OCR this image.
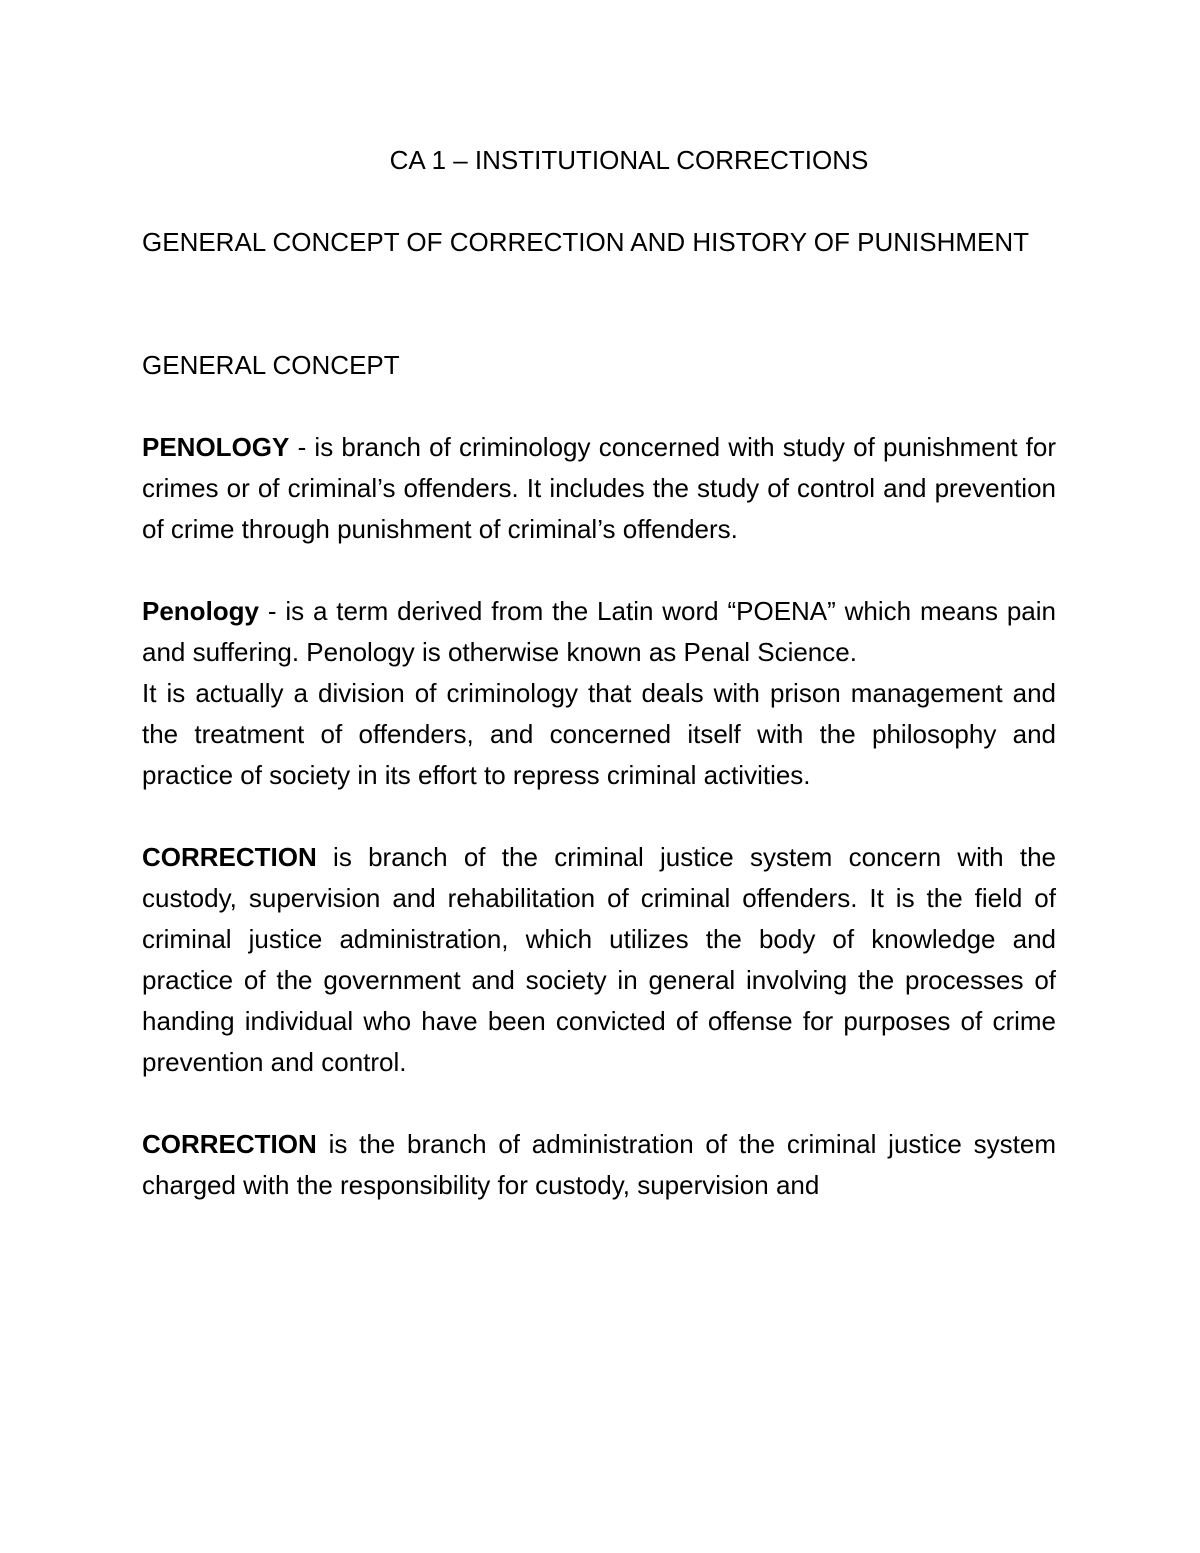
CA 1 – INSTITUTIONAL CORRECTIONS

GENERAL CONCEPT OF CORRECTION AND HISTORY OF PUNISHMENT

GENERAL CONCEPT

PENOLOGY - is branch of criminology concerned with study of punishment for crimes or of criminal’s offenders. It includes the study of control and prevention of crime through punishment of criminal’s offenders.

Penology - is a term derived from the Latin word “POENA” which means pain and suffering. Penology is otherwise known as Penal Science.

It is actually a division of criminology that deals with prison management and the treatment of offenders, and concerned itself with the philosophy and practice of society in its effort to repress criminal activities.

CORRECTION is branch of the criminal justice system concern with the custody, supervision and rehabilitation of criminal offenders. It is the field of criminal justice administration, which utilizes the body of knowledge and practice of the government and society in general involving the processes of handing individual who have been convicted of offense for purposes of crime prevention and control.

CORRECTION is the branch of administration of the criminal justice system charged with the responsibility for custody, supervision and
